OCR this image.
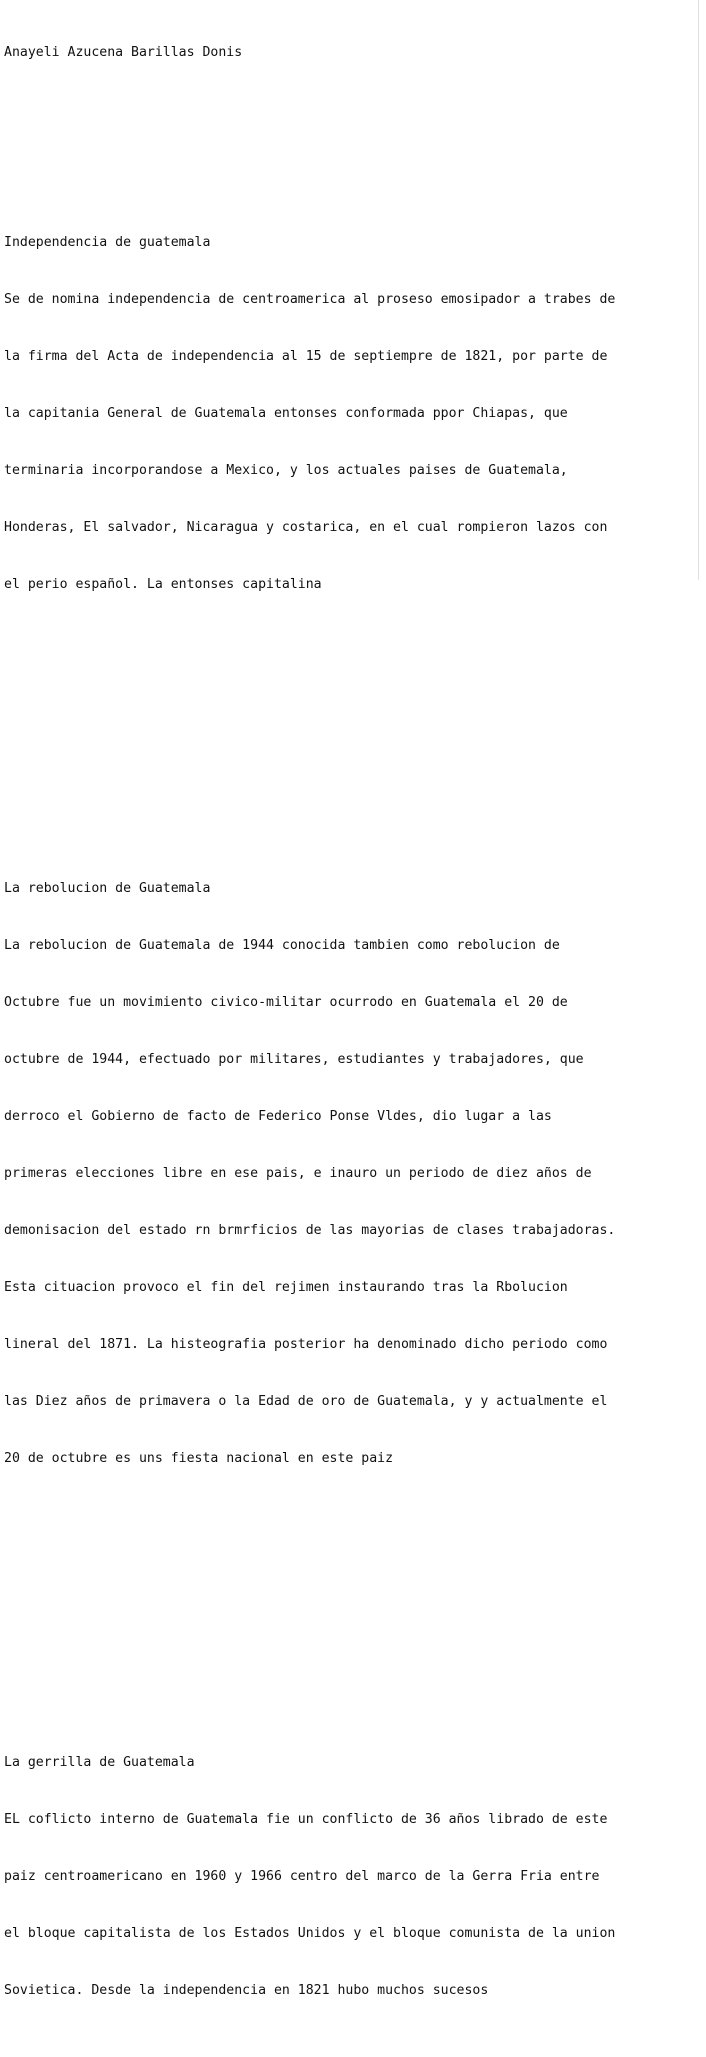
Anayeli Azucena Barillas Donis

Independencia de guatemala

Se de nomina independencia de centroamerica al proseso emosipador a trabes de

la firma del Acta de independencia al 15 de septiempre de 1821, por parte de

la capitania General de Guatemala entonses conformada ppor Chiapas, que

terminaria incorporandose a Mexico, y los actuales paises de Guatemala,

Honderas, El salvador, Nicaragua y costarica, en el cual rompieron lazos con

el perio español. La entonses capitalina

La rebolucion de Guatemala

La rebolucion de Guatemala de 1944 conocida tambien como rebolucion de

Octubre fue un movimiento civico-militar ocurrodo en Guatemala el 20 de

octubre de 1944, efectuado por militares, estudiantes y trabajadores, que

derroco el Gobierno de facto de Federico Ponse Vldes, dio lugar a las

primeras elecciones libre en ese pais, e inauro un periodo de diez años de

demonisacion del estado rn brmrficios de las mayorias de clases trabajadoras.

Esta cituacion provoco el fin del rejimen instaurando tras la Rbolucion

lineral del 1871. La histeografia posterior ha denominado dicho periodo como

las Diez años de primavera o la Edad de oro de Guatemala, y y actualmente el

20 de octubre es uns fiesta nacional en este paiz

La gerrilla de Guatemala

EL cofliсto interno de Guatemala fie un conflicto de 36 años librado de este

paiz centroamericano en 1960 y 1966 centro del marco de la Gerra Fria entre

el bloque capitalista de los Estados Unidos y el bloque comunista de la union

Sovietica. Desde la independencia en 1821 hubo muchos sucesos
